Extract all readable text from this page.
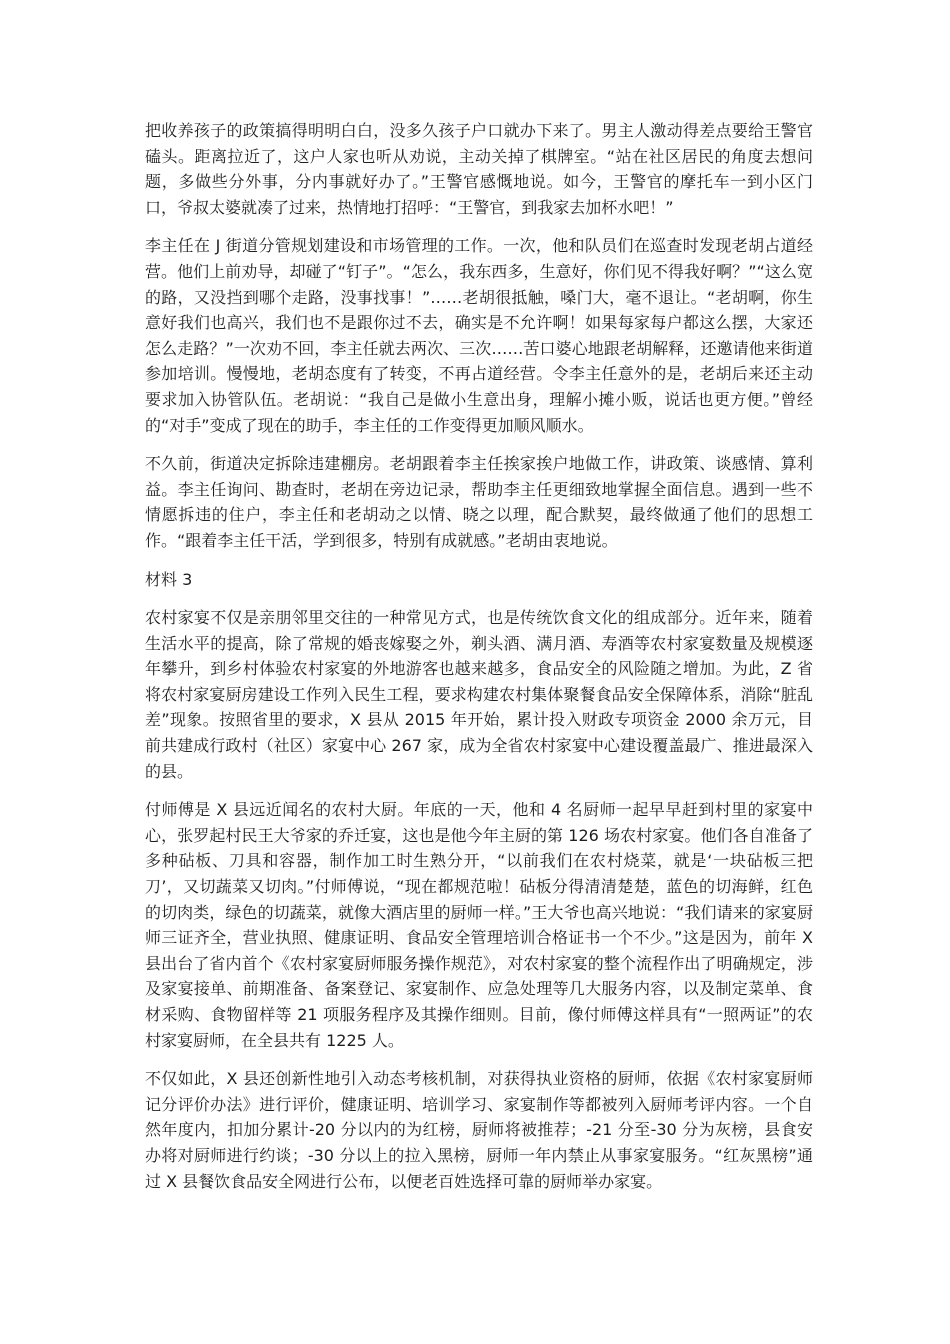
把收养孩子的政策搞得明明白白，没多久孩子户口就办下来了。男主人激动得差点要给王警官磕头。距离拉近了，这户人家也听从劝说，主动关掉了棋牌室。“站在社区居民的角度去想问题，多做些分外事，分内事就好办了。”王警官感慨地说。如今，王警官的摩托车一到小区门口，爷叔太婆就凑了过来，热情地打招呼：“王警官，到我家去加杯水吧！”

李主任在 J 街道分管规划建设和市场管理的工作。一次，他和队员们在巡查时发现老胡占道经营。他们上前劝导，却碰了“钉子”。“怎么，我东西多，生意好，你们见不得我好啊？”“这么宽的路，又没挡到哪个走路，没事找事！”……老胡很抵触，嗓门大，毫不退让。“老胡啊，你生意好我们也高兴，我们也不是跟你过不去，确实是不允许啊！如果每家每户都这么摆，大家还怎么走路？”一次劝不回，李主任就去两次、三次……苦口婆心地跟老胡解释，还邀请他来街道参加培训。慢慢地，老胡态度有了转变，不再占道经营。令李主任意外的是，老胡后来还主动要求加入协管队伍。老胡说：“我自己是做小生意出身，理解小摊小贩，说话也更方便。”曾经的“对手”变成了现在的助手，李主任的工作变得更加顺风顺水。

不久前，街道决定拆除违建棚房。老胡跟着李主任挨家挨户地做工作，讲政策、谈感情、算利益。李主任询问、勘查时，老胡在旁边记录，帮助李主任更细致地掌握全面信息。遇到一些不情愿拆违的住户，李主任和老胡动之以情、晓之以理，配合默契，最终做通了他们的思想工作。“跟着李主任干活，学到很多，特别有成就感。”老胡由衷地说。

材料 3

农村家宴不仅是亲朋邻里交往的一种常见方式，也是传统饮食文化的组成部分。近年来，随着生活水平的提高，除了常规的婚丧嫁娶之外，剃头酒、满月酒、寿酒等农村家宴数量及规模逐年攀升，到乡村体验农村家宴的外地游客也越来越多，食品安全的风险随之增加。为此，Z 省将农村家宴厨房建设工作列入民生工程，要求构建农村集体聚餐食品安全保障体系，消除“脏乱差”现象。按照省里的要求，X 县从 2015 年开始，累计投入财政专项资金 2000 余万元，目前共建成行政村（社区）家宴中心 267 家，成为全省农村家宴中心建设覆盖最广、推进最深入的县。

付师傅是 X 县远近闻名的农村大厨。年底的一天，他和 4 名厨师一起早早赶到村里的家宴中心，张罗起村民王大爷家的乔迁宴，这也是他今年主厨的第 126 场农村家宴。他们各自准备了多种砧板、刀具和容器，制作加工时生熟分开，“以前我们在农村烧菜，就是‘一块砧板三把刀’，又切蔬菜又切肉。”付师傅说，“现在都规范啦！砧板分得清清楚楚，蓝色的切海鲜，红色的切肉类，绿色的切蔬菜，就像大酒店里的厨师一样。”王大爷也高兴地说：“我们请来的家宴厨师三证齐全，营业执照、健康证明、食品安全管理培训合格证书一个不少。”这是因为，前年 X 县出台了省内首个《农村家宴厨师服务操作规范》，对农村家宴的整个流程作出了明确规定，涉及家宴接单、前期准备、备案登记、家宴制作、应急处理等几大服务内容，以及制定菜单、食材采购、食物留样等 21 项服务程序及其操作细则。目前，像付师傅这样具有“一照两证”的农村家宴厨师，在全县共有 1225 人。

不仅如此，X 县还创新性地引入动态考核机制，对获得执业资格的厨师，依据《农村家宴厨师记分评价办法》进行评价，健康证明、培训学习、家宴制作等都被列入厨师考评内容。一个自然年度内，扣加分累计-20 分以内的为红榜，厨师将被推荐；-21 分至-30 分为灰榜，县食安办将对厨师进行约谈；-30 分以上的拉入黑榜，厨师一年内禁止从事家宴服务。“红灰黑榜”通过 X 县餐饮食品安全网进行公布，以便老百姓选择可靠的厨师举办家宴。
